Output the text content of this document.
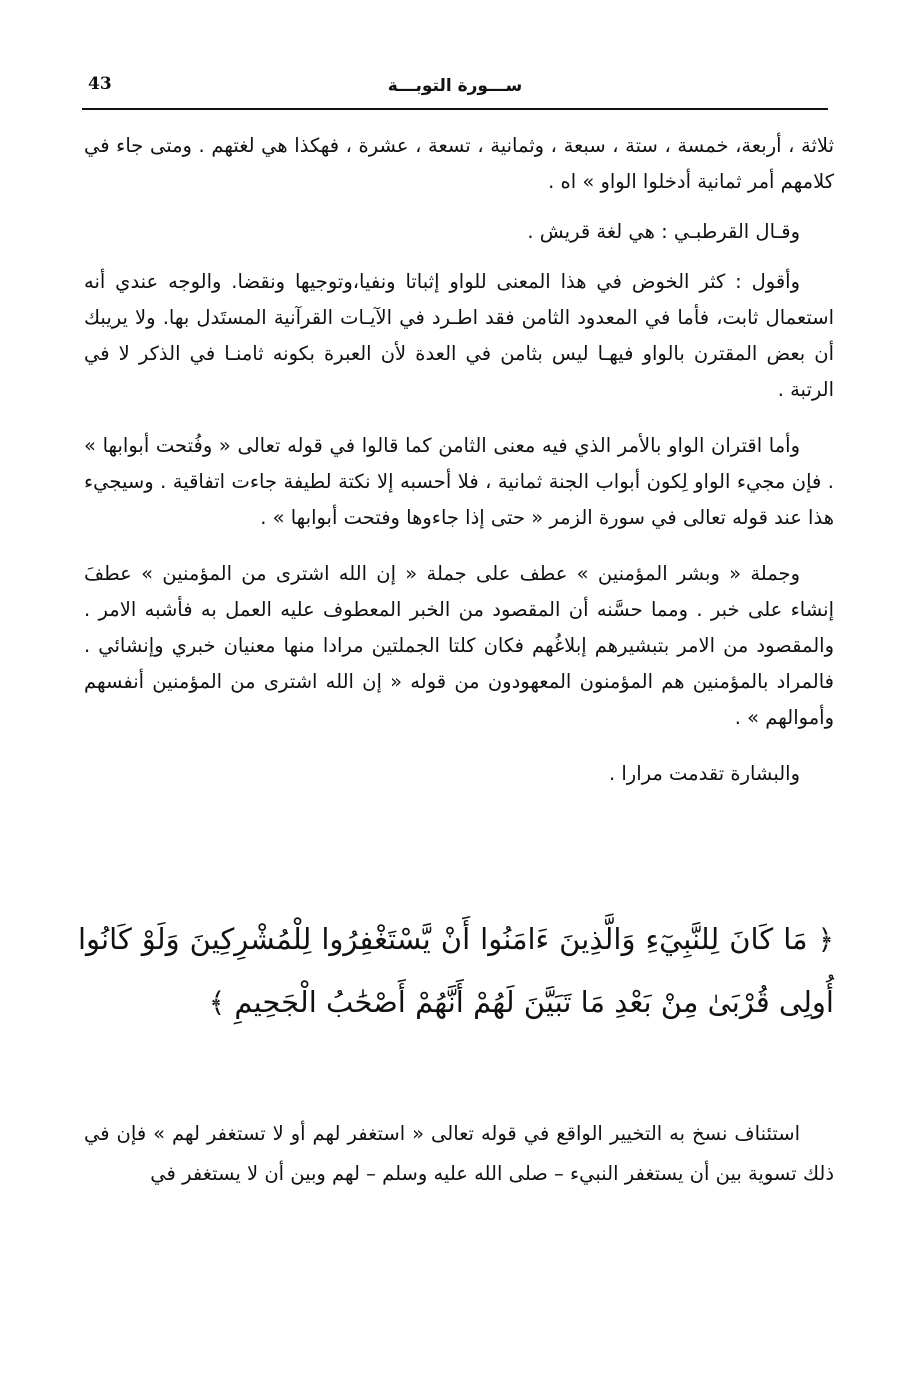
43	ســـورة التوبـــة

ثلاثة ، أربعة، خمسة ، ستة ، سبعة ، وثمانية ، تسعة ، عشرة ، فهكذا هي لغتهم . ومتى جاء في كلامهم أمر ثمانية أدخلوا الواو » اه .

وقـال القرطبـي : هي لغة قريش .

وأقول : كثر الخوض في هذا المعنى للواو إثباتا ونفيا،وتوجيها ونقضا. والوجه عندي أنه استعمال ثابت، فأما في المعدود الثامن فقد اطـرد في الآيـات القرآنية المستَدل بها. ولا يريبك أن بعض المقترن بالواو فيهـا ليس بثامن في العدة لأن العبرة بكونه ثامنـا في الذكر لا في الرتبة .

وأما اقتران الواو بالأمر الذي فيه معنى الثامن كما قالوا في قوله تعالى « وفُتحت أبوابها » . فإن مجيء الواو لِكون أبواب الجنة ثمانية ، فلا أحسبه إلا نكتة لطيفة جاءت اتفاقية . وسيجيء هذا عند قوله تعالى في سورة الزمر « حتى إذا جاءوها وفتحت أبوابها » .

وجملة « وبشر المؤمنين » عطف على جملة « إن الله اشترى من المؤمنين » عطفَ إنشاء على خبر . ومما حسَّنه أن المقصود من الخبر المعطوف عليه العمل به فأشبه الامر . والمقصود من الامر بتبشيرهم إبلاغُهم فكان كلتا الجملتين مرادا منها معنيان خبري وإنشائي . فالمراد بالمؤمنين هم المؤمنون المعهودون من قوله « إن الله اشترى من المؤمنين أنفسهم وأموالهم » .

والبشارة تقدمت مرارا .

﴿ مَا كَانَ لِلنَّبِيٓءِ وَالَّذِينَ ءَامَنُوا أَنْ يَّسْتَغْفِرُوا لِلْمُشْرِكِينَ وَلَوْ كَانُوا أُولِى قُرْبَىٰ مِنْ بَعْدِ مَا تَبَيَّنَ لَهُمْ أَنَّهُمْ أَصْحَٰبُ الْجَحِيمِ ﴾

استئناف نسخ به التخيير الواقع في قوله تعالى « استغفر لهم أو لا تستغفر لهم » فإن في ذلك تسوية بين أن يستغفر النبيء – صلى الله عليه وسلم – لهم وبين أن لا يستغفر في
